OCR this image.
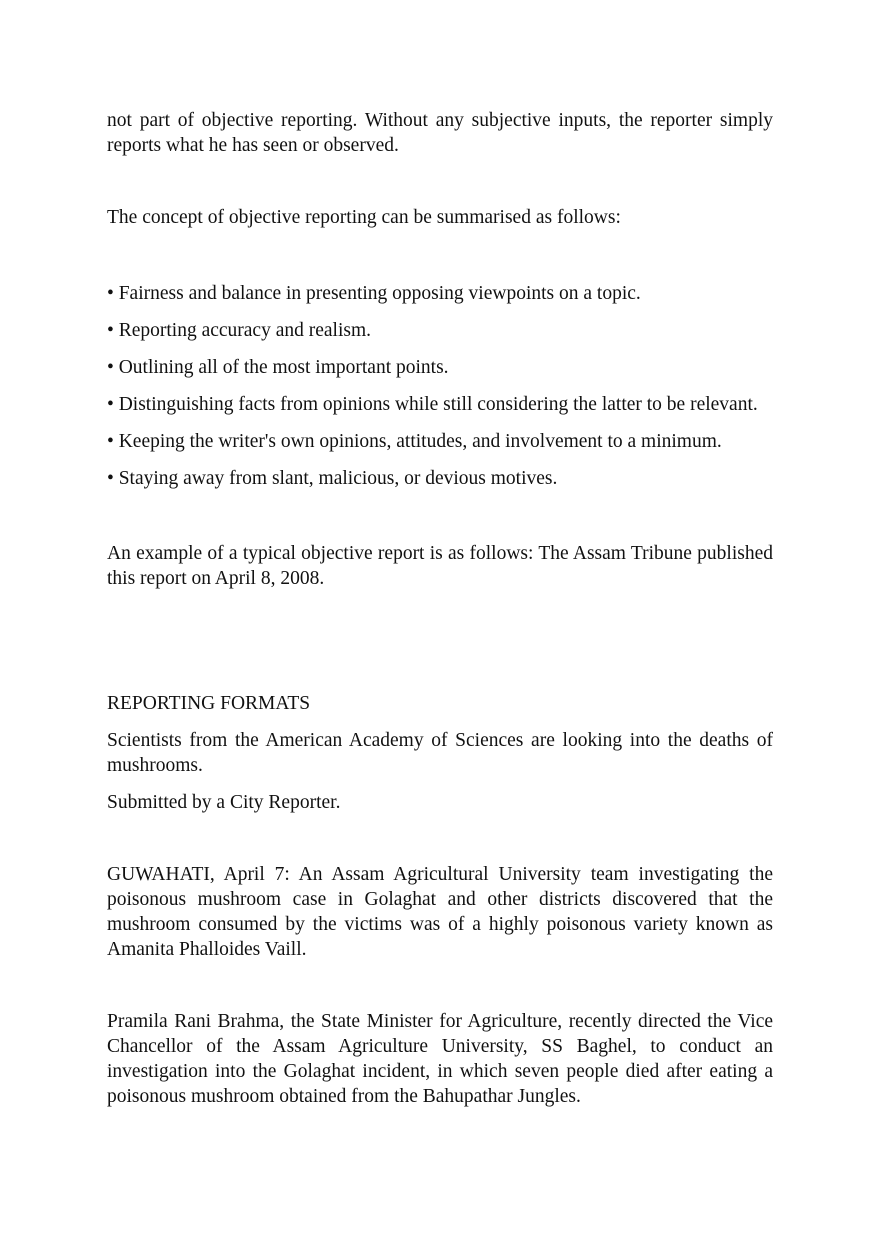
not part of objective reporting. Without any subjective inputs, the reporter simply reports what he has seen or observed.

The concept of objective reporting can be summarised as follows:

• Fairness and balance in presenting opposing viewpoints on a topic.
• Reporting accuracy and realism.
• Outlining all of the most important points.
• Distinguishing facts from opinions while still considering the latter to be relevant.
• Keeping the writer's own opinions, attitudes, and involvement to a minimum.
• Staying away from slant, malicious, or devious motives.

An example of a typical objective report is as follows: The Assam Tribune published this report on April 8, 2008.

REPORTING FORMATS

Scientists from the American Academy of Sciences are looking into the deaths of mushrooms.

Submitted by a City Reporter.

GUWAHATI, April 7: An Assam Agricultural University team investigating the poisonous mushroom case in Golaghat and other districts discovered that the mushroom consumed by the victims was of a highly poisonous variety known as Amanita Phalloides Vaill.

Pramila Rani Brahma, the State Minister for Agriculture, recently directed the Vice Chancellor of the Assam Agriculture University, SS Baghel, to conduct an investigation into the Golaghat incident, in which seven people died after eating a poisonous mushroom obtained from the Bahupathar Jungles.
